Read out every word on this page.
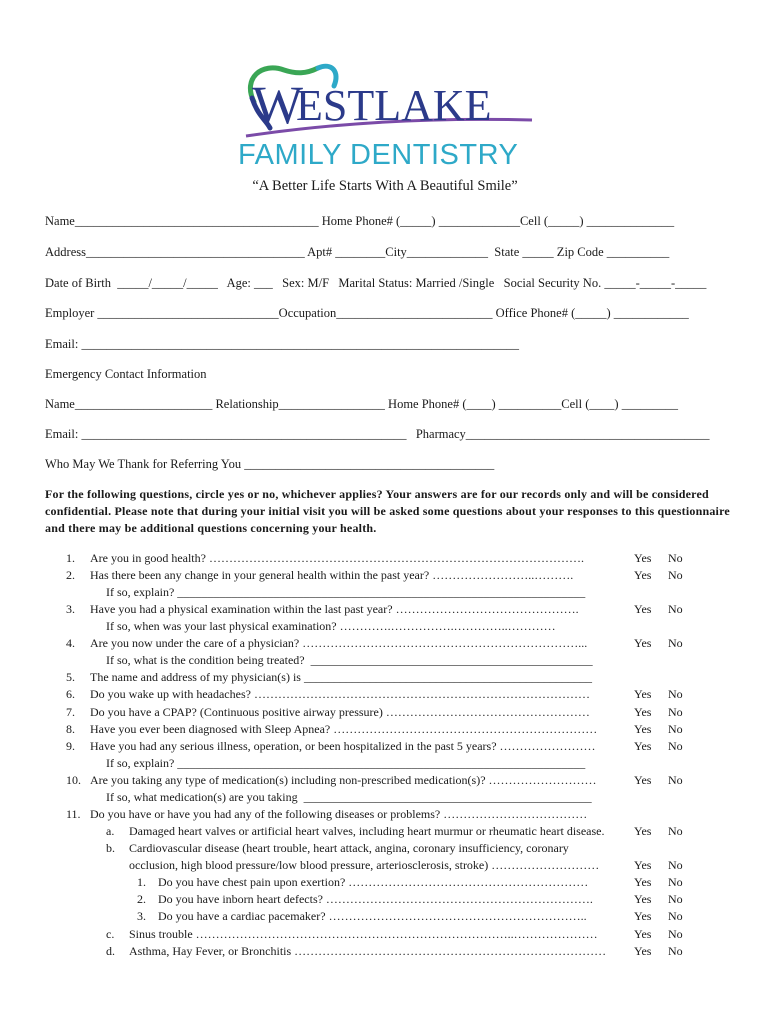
W
ESTLAKE
FAMILY DENTISTRY
“A Better Life Starts With A Beautiful Smile”
Name_______________________________________ Home Phone# (_____) _____________Cell (_____) ______________
Address___________________________________ Apt# ________City_____________  State _____ Zip Code __________
Date of Birth  _____/_____/_____   Age: ___   Sex: M/F   Marital Status: Married /Single   Social Security No. _____-_____-_____
Employer _____________________________Occupation_________________________ Office Phone# (_____) ____________
Email: ______________________________________________________________________
Emergency Contact Information
Name______________________ Relationship_________________ Home Phone# (____) __________Cell (____) _________
Email: ____________________________________________________   Pharmacy_______________________________________
Who May We Thank for Referring You ________________________________________
For the following questions, circle yes or no, whichever applies? Your answers are for our records only and will be considered confidential. Please note that during your initial visit you will be asked some questions about your responses to this questionnaire and there may be additional questions concerning your health.
1. Are you in good health? ………………………………………………………………………………….	Yes No
2. Has there been any change in your general health within the past year? ……………………..……….	Yes No
If so, explain? ____________________________________________________________________
3. Have you had a physical examination within the last past year? ……………………………………….	Yes No
If so, when was your last physical examination? ………….…………….…………..…………
4. Are you now under the care of a physician? ……………………………………………………………...	Yes No
If so, what is the condition being treated?  _______________________________________________
5. The name and address of my physician(s) is ________________________________________________
6. Do you wake up with headaches? …………………………………………………………………………	Yes No
7. Do you have a CPAP? (Continuous positive airway pressure) ……………………………………………	Yes No
8. Have you ever been diagnosed with Sleep Apnea? …………………………………………………………	Yes No
9. Have you had any serious illness, operation, or been hospitalized in the past 5 years? ……………………	Yes No
If so, explain? ____________________________________________________________________
10. Are you taking any type of medication(s) including non-prescribed medication(s)? ………………………	Yes No
If so, what medication(s) are you taking  ________________________________________________
11. Do you have or have you had any of the following diseases or problems? ………………………………
a. Damaged heart valves or artificial heart valves, including heart murmur or rheumatic heart disease. Yes No
b. Cardiovascular disease (heart trouble, heart attack, angina, coronary insufficiency, coronary
occlusion, high blood pressure/low blood pressure, arteriosclerosis, stroke) ………………………	Yes No
1. Do you have chest pain upon exertion? ……………………………………………………	Yes No
2. Do you have inborn heart defects? ………………………………………………………….	Yes No
3. Do you have a cardiac pacemaker? ………………………………………………………..	Yes No
c. Sinus trouble ……………………………………………………………………..…………………	Yes No
d. Asthma, Hay Fever, or Bronchitis …………………………………………………………………… Yes No
